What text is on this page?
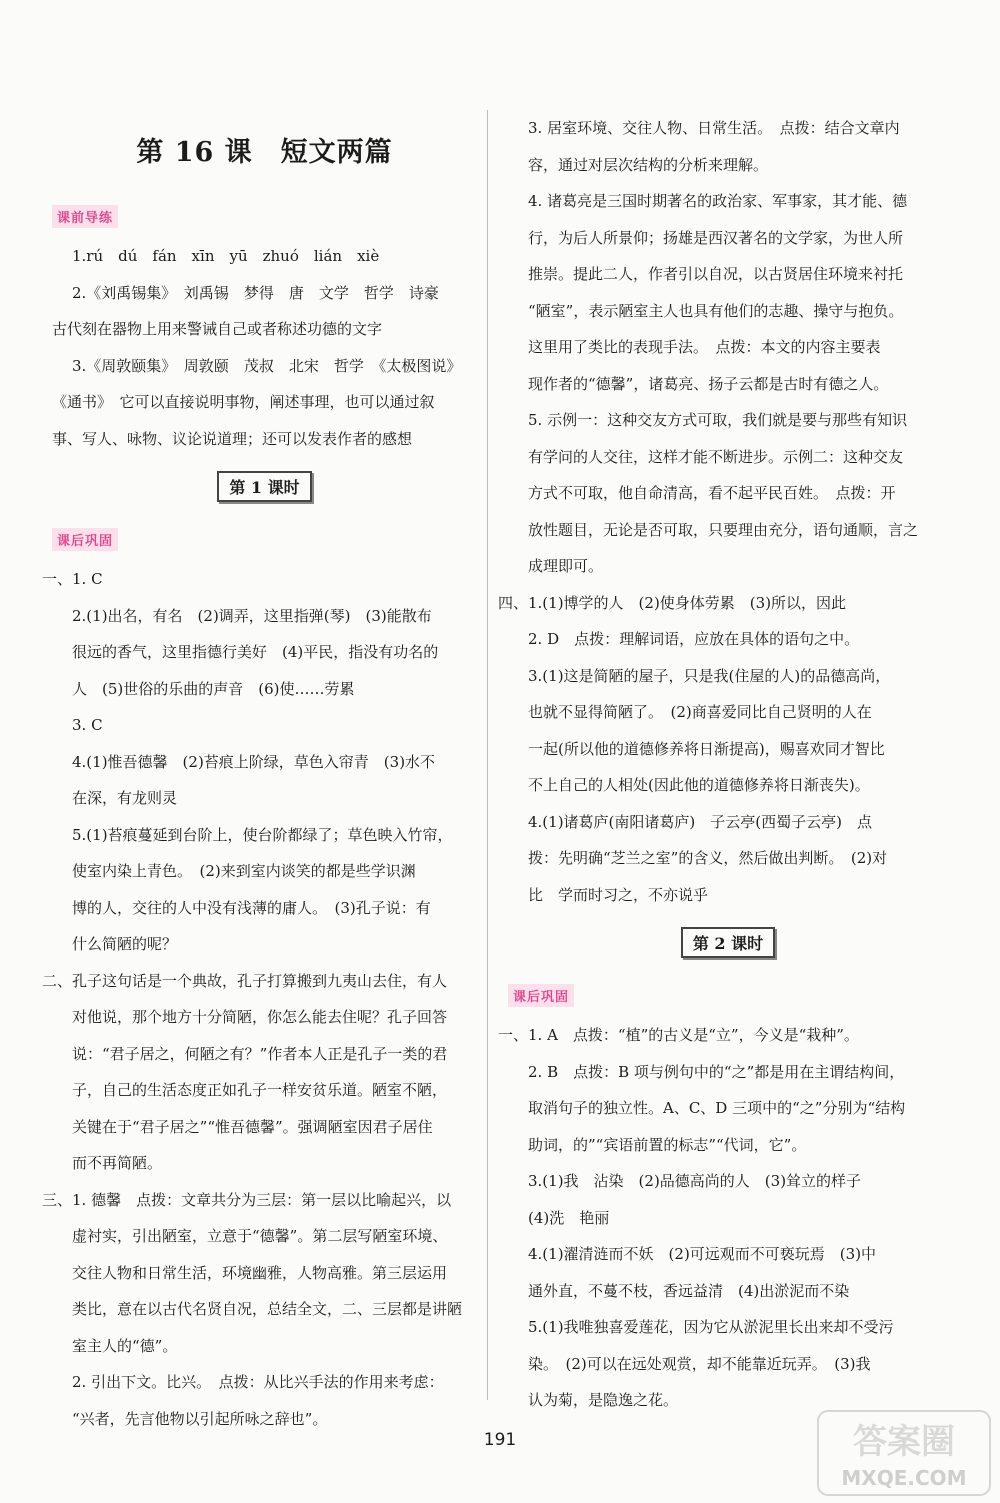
第 16 课　短文两篇
课前导练
1.rú　dú　fán　xīn　yū　zhuó　lián　xiè
2.《刘禹锡集》　刘禹锡　梦得　唐　文学　哲学　诗豪
古代刻在器物上用来警诫自己或者称述功德的文字
3.《周敦颐集》　周敦颐　茂叔　北宋　哲学　《太极图说》
《通书》　它可以直接说明事物，阐述事理，也可以通过叙
事、写人、咏物、议论说道理；还可以发表作者的感想
第 1 课时
课后巩固
一、1. C
2.(1)出名，有名　(2)调弄，这里指弹(琴)　(3)能散布
很远的香气，这里指德行美好　(4)平民，指没有功名的
人　(5)世俗的乐曲的声音　(6)使……劳累
3. C
4.(1)惟吾德馨　(2)苔痕上阶绿，草色入帘青　(3)水不
在深，有龙则灵
5.(1)苔痕蔓延到台阶上，使台阶都绿了；草色映入竹帘，
使室内染上青色。　(2)来到室内谈笑的都是些学识渊
博的人，交往的人中没有浅薄的庸人。　(3)孔子说：有
什么简陋的呢？
二、孔子这句话是一个典故，孔子打算搬到九夷山去住，有人
对他说，那个地方十分简陋，你怎么能去住呢？孔子回答
说：“君子居之，何陋之有？”作者本人正是孔子一类的君
子，自己的生活态度正如孔子一样安贫乐道。陋室不陋，
关键在于“君子居之”“惟吾德馨”。强调陋室因君子居住
而不再简陋。
三、1. 德馨　点拨：文章共分为三层：第一层以比喻起兴，以
虚衬实，引出陋室，立意于“德馨”。第二层写陋室环境、
交往人物和日常生活，环境幽雅，人物高雅。第三层运用
类比，意在以古代名贤自况，总结全文，二、三层都是讲陋
室主人的“德”。
2. 引出下文。比兴。　点拨：从比兴手法的作用来考虑：
“兴者，先言他物以引起所咏之辞也”。
3. 居室环境、交往人物、日常生活。　点拨：结合文章内
容，通过对层次结构的分析来理解。
4. 诸葛亮是三国时期著名的政治家、军事家，其才能、德
行，为后人所景仰；扬雄是西汉著名的文学家，为世人所
推崇。提此二人，作者引以自况，以古贤居住环境来衬托
“陋室”，表示陋室主人也具有他们的志趣、操守与抱负。
这里用了类比的表现手法。　点拨：本文的内容主要表
现作者的“德馨”，诸葛亮、扬子云都是古时有德之人。
5. 示例一：这种交友方式可取，我们就是要与那些有知识
有学问的人交往，这样才能不断进步。示例二：这种交友
方式不可取，他自命清高，看不起平民百姓。　点拨：开
放性题目，无论是否可取，只要理由充分，语句通顺，言之
成理即可。
四、1.(1)博学的人　(2)使身体劳累　(3)所以，因此
2. D　点拨：理解词语，应放在具体的语句之中。
3.(1)这是简陋的屋子，只是我(住屋的人)的品德高尚，
也就不显得简陋了。　(2)商喜爱同比自己贤明的人在
一起(所以他的道德修养将日渐提高)，赐喜欢同才智比
不上自己的人相处(因此他的道德修养将日渐丧失)。
4.(1)诸葛庐(南阳诸葛庐)　子云亭(西蜀子云亭)　点
拨：先明确“芝兰之室”的含义，然后做出判断。　(2)对
比　学而时习之，不亦说乎
第 2 课时
课后巩固
一、1. A　点拨：“植”的古义是“立”，今义是“栽种”。
2. B　点拨：B 项与例句中的“之”都是用在主谓结构间，
取消句子的独立性。A、C、D 三项中的“之”分别为“结构
助词，的”“宾语前置的标志”“代词，它”。
3.(1)我　沾染　(2)品德高尚的人　(3)耸立的样子
(4)洗　艳丽
4.(1)濯清涟而不妖　(2)可远观而不可亵玩焉　(3)中
通外直，不蔓不枝，香远益清　(4)出淤泥而不染
5.(1)我唯独喜爱莲花，因为它从淤泥里长出来却不受污
染。　(2)可以在远处观赏，却不能靠近玩弄。　(3)我
认为菊，是隐逸之花。
191	答案圈
MXQE.COM
